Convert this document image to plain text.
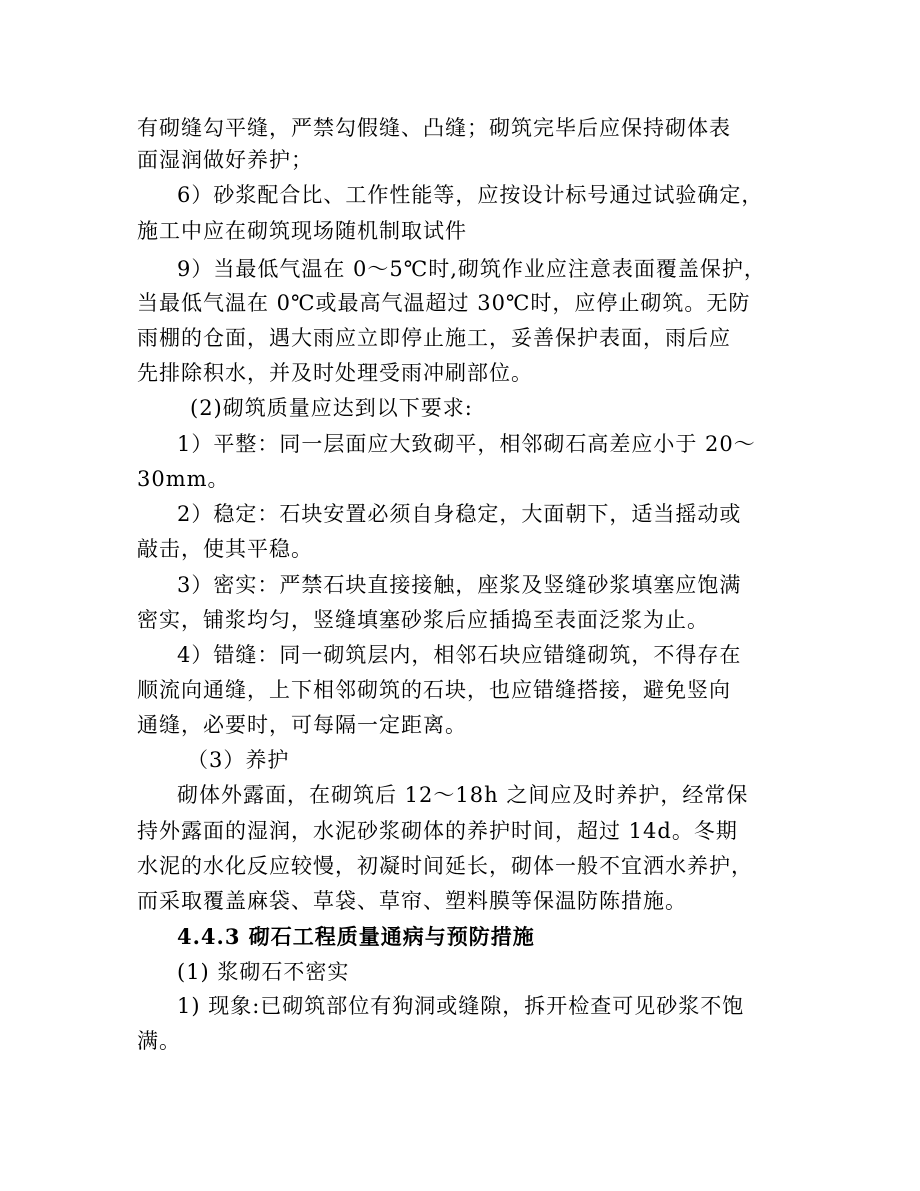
有砌缝勾平缝，严禁勾假缝、凸缝；砌筑完毕后应保持砌体表
面湿润做好养护；
6）砂浆配合比、工作性能等，应按设计标号通过试验确定，
施工中应在砌筑现场随机制取试件
9）当最低气温在 0～5℃时,砌筑作业应注意表面覆盖保护，
当最低气温在 0℃或最高气温超过 30℃时，应停止砌筑。无防
雨棚的仓面，遇大雨应立即停止施工，妥善保护表面，雨后应
先排除积水，并及时处理受雨冲刷部位。
(2)砌筑质量应达到以下要求:
1）平整：同一层面应大致砌平，相邻砌石高差应小于 20～
30mm。
2）稳定：石块安置必须自身稳定，大面朝下，适当摇动或
敲击，使其平稳。
3）密实：严禁石块直接接触，座浆及竖缝砂浆填塞应饱满
密实，铺浆均匀，竖缝填塞砂浆后应插捣至表面泛浆为止。
4）错缝：同一砌筑层内，相邻石块应错缝砌筑，不得存在
顺流向通缝，上下相邻砌筑的石块，也应错缝搭接，避免竖向
通缝，必要时，可每隔一定距离。
（3）养护
砌体外露面，在砌筑后 12～18h 之间应及时养护，经常保
持外露面的湿润，水泥砂浆砌体的养护时间，超过 14d。冬期
水泥的水化反应较慢，初凝时间延长，砌体一般不宜洒水养护，
而采取覆盖麻袋、草袋、草帘、塑料膜等保温防陈措施。
4.4.3 砌石工程质量通病与预防措施
(1) 浆砌石不密实
1) 现象:已砌筑部位有狗洞或缝隙，拆开检查可见砂浆不饱
满。
